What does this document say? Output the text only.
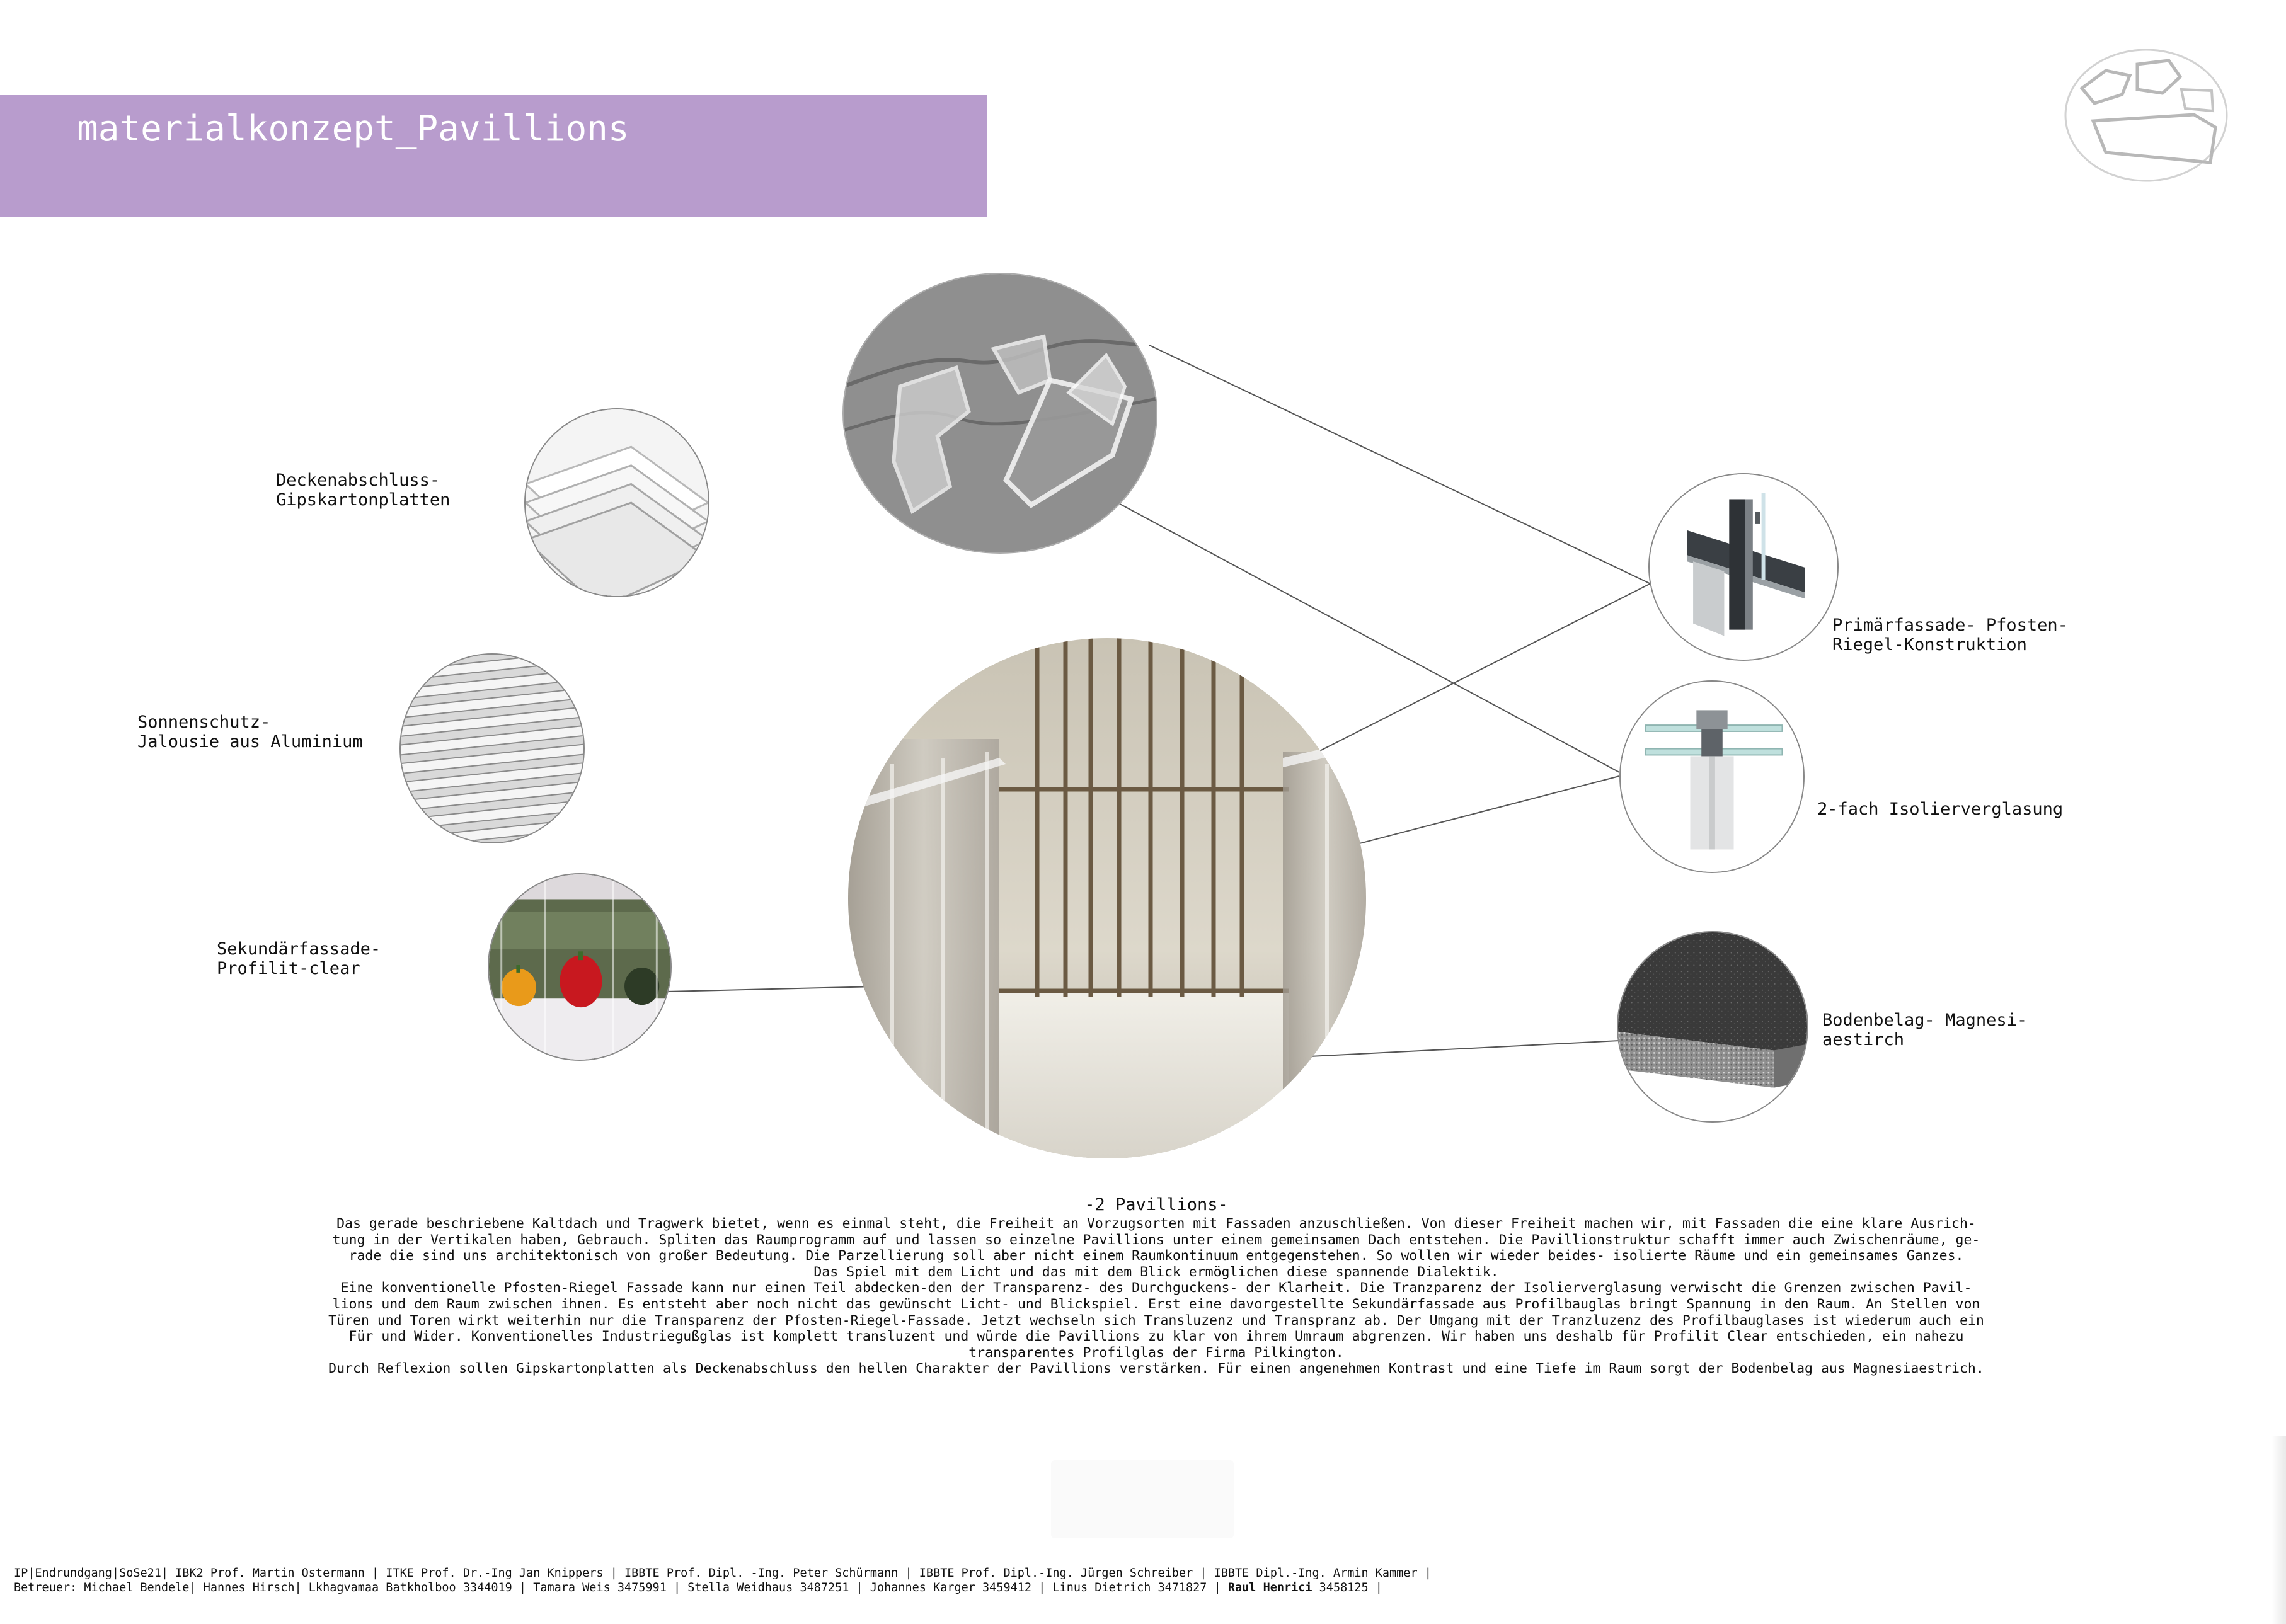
materialkonzept_Pavillions
Deckenabschluss-
Gipskartonplatten
Sonnenschutz-
Jalousie aus Aluminium
Sekundärfassade-
Profilit-clear
Primärfassade- Pfosten-
Riegel-Konstruktion
2-fach Isolierverglasung
Bodenbelag- Magnesi-
aestirch
-2 Pavillions-

Das gerade beschriebene Kaltdach und Tragwerk bietet, wenn es einmal steht, die Freiheit an Vorzugsorten mit Fassaden anzuschließen. Von dieser Freiheit machen wir, mit Fassaden die eine klare Ausrich- tung in der Vertikalen haben, Gebrauch. Spliten das Raumprogramm auf und lassen so einzelne Pavillions unter einem gemeinsamen Dach entstehen. Die Pavillionstruktur schafft immer auch Zwischenräume, ge- rade die sind uns architektonisch von großer Bedeutung. Die Parzellierung soll aber nicht einem Raumkontinuum entgegenstehen. So wollen wir wieder beides- isolierte Räume und ein gemeinsames Ganzes.

Das Spiel mit dem Licht und das mit dem Blick ermöglichen diese spannende Dialektik.

Eine konventionelle Pfosten-Riegel Fassade kann nur einen Teil abdecken-den der Transparenz- des Durchguckens- der Klarheit. Die Tranzparenz der Isolierverglasung verwischt die Grenzen zwischen Pavil- lions und dem Raum zwischen ihnen. Es entsteht aber noch nicht das gewünscht Licht- und Blickspiel. Erst eine davorgestellte Sekundärfassade aus Profilbauglas bringt Spannung in den Raum. An Stellen von Türen und Toren wirkt weiterhin nur die Transparenz der Pfosten-Riegel-Fassade. Jetzt wechseln sich Transluzenz und Transpranz ab. Der Umgang mit der Tranzluzenz des Profilbauglases ist wiederum auch ein Für und Wider. Konventionelles Industriegußglas ist komplett transluzent und würde die Pavillions zu klar von ihrem Umraum abgrenzen. Wir haben uns deshalb für Profilit Clear entschieden, ein nahezu transparentes Profilglas der Firma Pilkington.

Durch Reflexion sollen Gipskartonplatten als Deckenabschluss den hellen Charakter der Pavillions verstärken. Für einen angenehmen Kontrast und eine Tiefe im Raum sorgt der Bodenbelag aus Magnesiaestrich.

IP|Endrundgang|SoSe21| IBK2 Prof. Martin Ostermann | ITKE Prof. Dr.-Ing Jan Knippers | IBBTE Prof. Dipl. -Ing. Peter Schürmann | IBBTE Prof. Dipl.-Ing. Jürgen Schreiber | IBBTE Dipl.-Ing. Armin Kammer |
Betreuer: Michael Bendele| Hannes Hirsch| Lkhagvamaa Batkholboo 3344019 | Tamara Weis 3475991 | Stella Weidhaus 3487251 | Johannes Karger 3459412 | Linus Dietrich 3471827 | Raul Henrici 3458125 |
